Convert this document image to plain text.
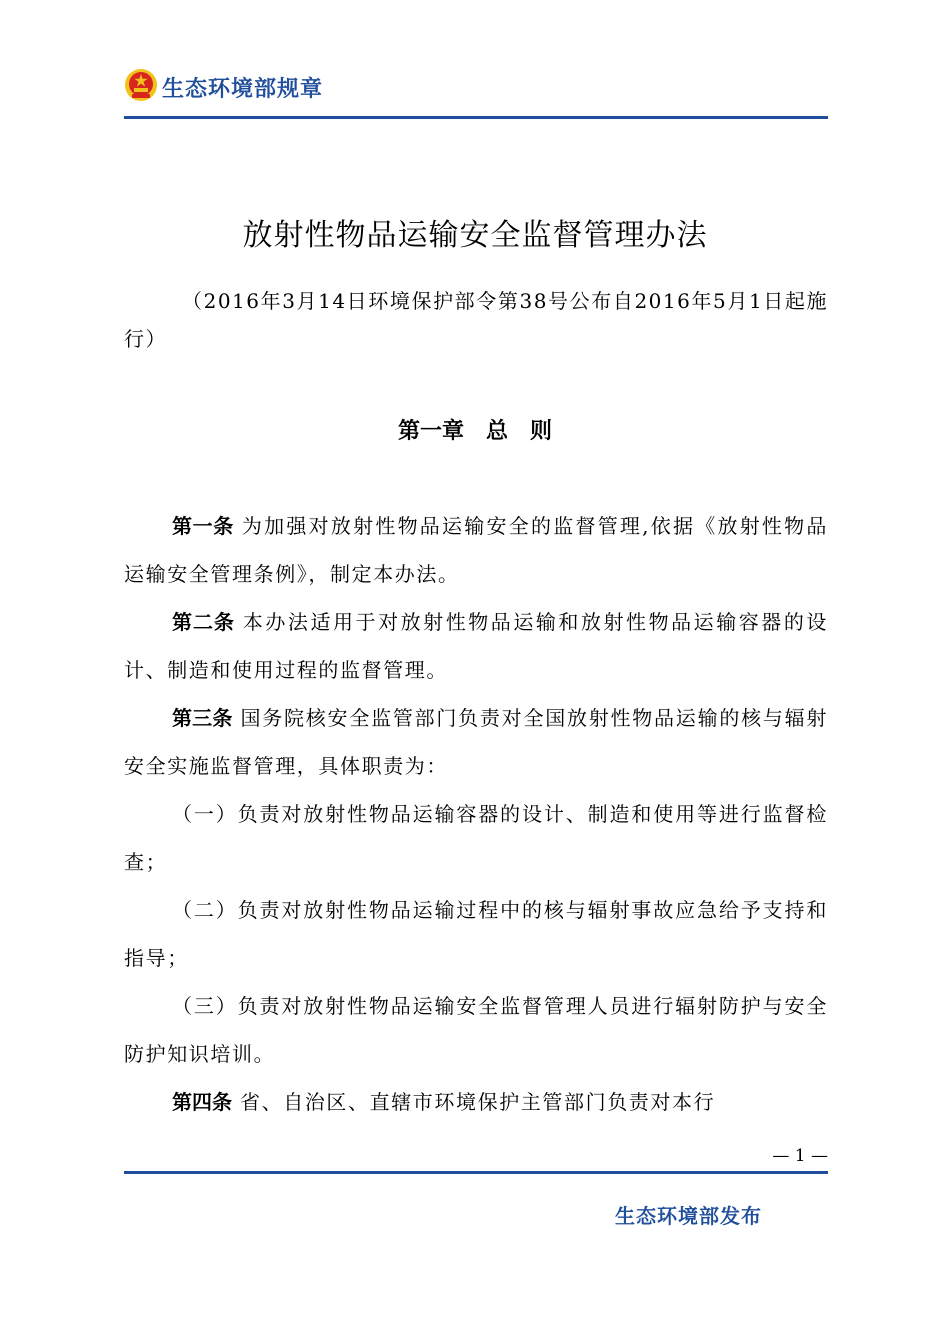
生态环境部规章
放射性物品运输安全监督管理办法
（2016年3月14日环境保护部令第38号公布自2016年5月1日起施行）
第一章　总　则

第一条 为加强对放射性物品运输安全的监督管理,依据《放射性物品运输安全管理条例》，制定本办法。

第二条 本办法适用于对放射性物品运输和放射性物品运输容器的设计、制造和使用过程的监督管理。

第三条 国务院核安全监管部门负责对全国放射性物品运输的核与辐射安全实施监督管理，具体职责为：

（一）负责对放射性物品运输容器的设计、制造和使用等进行监督检查；

（二）负责对放射性物品运输过程中的核与辐射事故应急给予支持和指导；

（三）负责对放射性物品运输安全监督管理人员进行辐射防护与安全防护知识培训。

第四条 省、自治区、直辖市环境保护主管部门负责对本行

— 1 —
生态环境部发布
